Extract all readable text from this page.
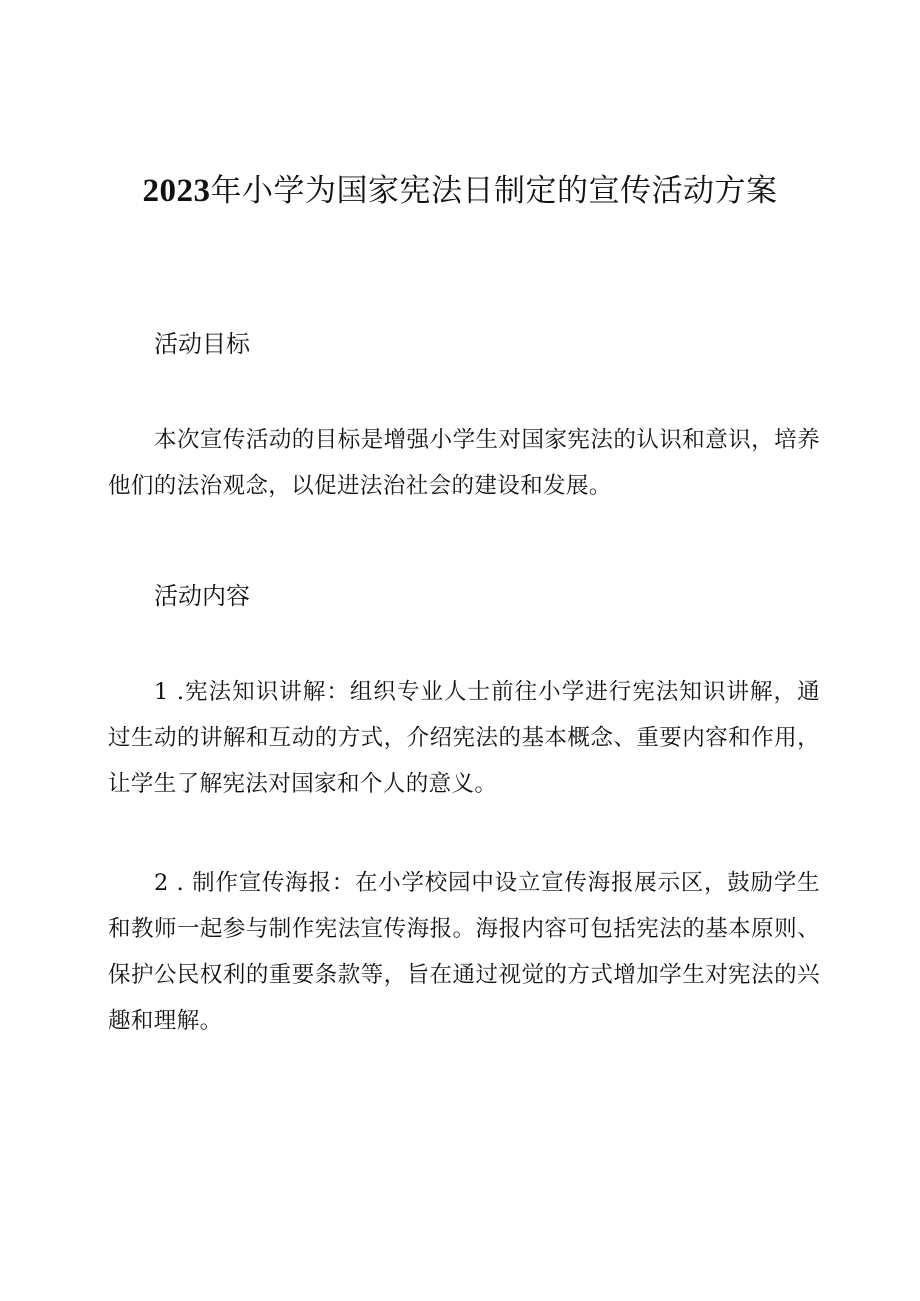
2023年小学为国家宪法日制定的宣传活动方案
活动目标

本次宣传活动的目标是增强小学生对国家宪法的认识和意识，培养他们的法治观念，以促进法治社会的建设和发展。

活动内容

1 .宪法知识讲解：组织专业人士前往小学进行宪法知识讲解，通过生动的讲解和互动的方式，介绍宪法的基本概念、重要内容和作用，让学生了解宪法对国家和个人的意义。

2 . 制作宣传海报：在小学校园中设立宣传海报展示区，鼓励学生和教师一起参与制作宪法宣传海报。海报内容可包括宪法的基本原则、保护公民权利的重要条款等，旨在通过视觉的方式增加学生对宪法的兴趣和理解。
